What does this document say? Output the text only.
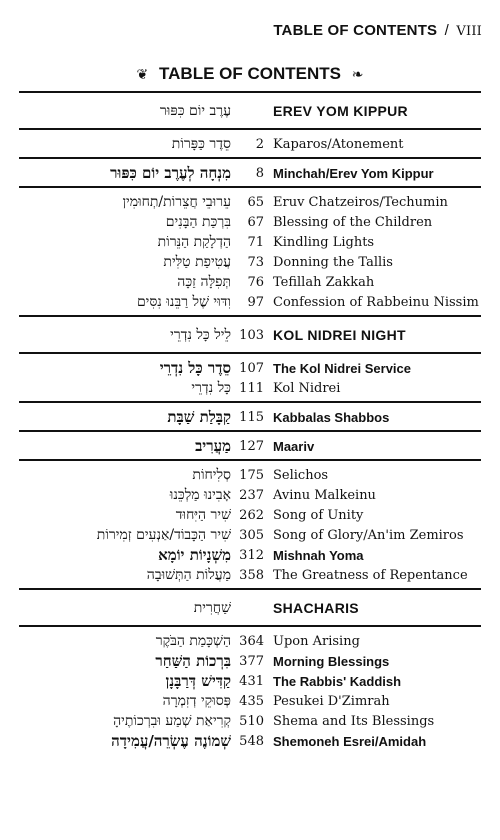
TABLE OF CONTENTS / VIII
❦ TABLE OF CONTENTS ❧
עֶרֶב יוֹם כִּפּוּר	EREV YOM KIPPUR
סֵדֶר כַּפָּרוֹת	2 Kaparos/Atonement
מִנְחָה לְעֶרֶב יוֹם כִּפּוּר	8 Minchah/Erev Yom Kippur
עֵרוּבֵי חֲצֵרוֹת/תְחוּמִין	65 Eruv Chatzeiros/Techumin
בִּרְכַּת הַבָּנִים	67 Blessing of the Children
הַדְלָקַת הַנֵּרוֹת	71 Kindling Lights
עֲטִיפַת טַלִּית	73 Donning the Tallis
תְּפִלָּה זַכָּה	76 Tefillah Zakkah
וִדּוּי שֶׁל רַבֵּנוּ נִסִּים	97 Confession of Rabbeinu Nissim
לֵיל כָּל נִדְרֵי 103 KOL NIDREI NIGHT
סֵדֶר כָּל נִדְרֵי 107 The Kol Nidrei Service
כָּל נִדְרֵי 111 Kol Nidrei
קַבָּלַת שַׁבָּת 115 Kabbalas Shabbos
מַעֲרִיב 127 Maariv
סְלִיחוֹת 175 Selichos
אָבִינוּ מַלְכֵּנוּ 237 Avinu Malkeinu
שִׁיר הַיִּחוּד 262 Song of Unity
שִׁיר הַכָּבוֹד/אַנְעִים זְמִירוֹת 305 Song of Glory/An'im Zemiros
מִשְׁנָיוֹת יוֹמָא 312 Mishnah Yoma
מַעֲלוֹת הַתְּשׁוּבָה 358 The Greatness of Repentance
שַׁחֲרִית	SHACHARIS
הַשְׁכָּמַת הַבֹּקֶר 364 Upon Arising
בִּרְכוֹת הַשַּׁחַר 377 Morning Blessings
קַדִּישׁ דְּרַבָּנָן 431 The Rabbis' Kaddish
פְּסוּקֵי דְזִמְרָה 435 Pesukei D'Zimrah
קְרִיאַת שְׁמַע וּבִרְכוֹתֶיהָ 510 Shema and Its Blessings
שְׁמוֹנֶה עֶשְׂרֵה/עֲמִידָה 548 Shemoneh Esrei/Amidah
